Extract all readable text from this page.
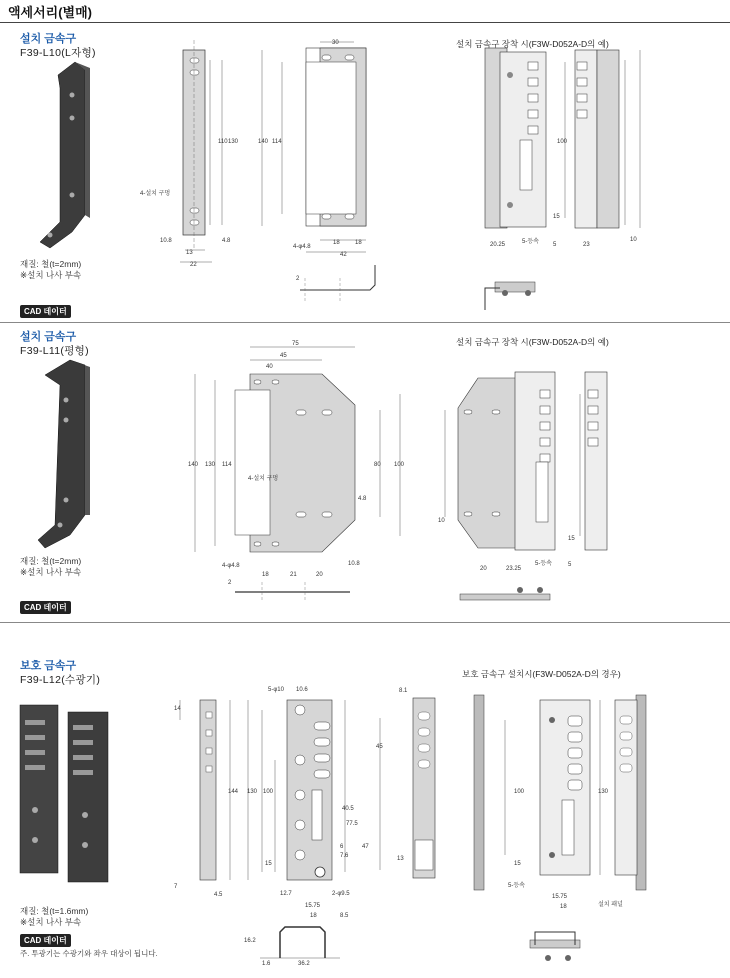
액세서리(별매)
설치 금속구
F39-L10(L자형)
30
110 130	140 114
10.8	4.8
13
22
18	18
42
4-φ4.8
4-설치 구멍
100
20.25	23
15
5
10
5-등속
2
75
45
40
140 130 114	80 100
4.8
10.8
18	21	20
4-φ4.8
4-설치 구멍
10
20	23.25
15
5
5-등속
2
5-φ10 10.6
14
144 130 100
45
40.5
77.5
47
6
7.6
15
12.7	2-φ9.5
15.75
18	8.5
4.5
7
8.1
13
16.2
1.6	36.2
130
100
15
15.75
18
5-등속
설치 패널
재질: 철(t=2mm)
※설치 나사 부속
CAD 데이터
설치 금속구 장착 시(F3W-D052A-D의 예)
설치 금속구
F39-L11(평형)
재질: 철(t=2mm)
※설치 나사 부속
CAD 데이터
설치 금속구 장착 시(F3W-D052A-D의 예)
보호 금속구
F39-L12(수광기)
재질: 철(t=1.6mm)
※설치 나사 부속
CAD 데이터
주. 투광기는 수광기와 좌우 대상이 됩니다.
보호 금속구 설치시(F3W-D052A-D의 경우)
